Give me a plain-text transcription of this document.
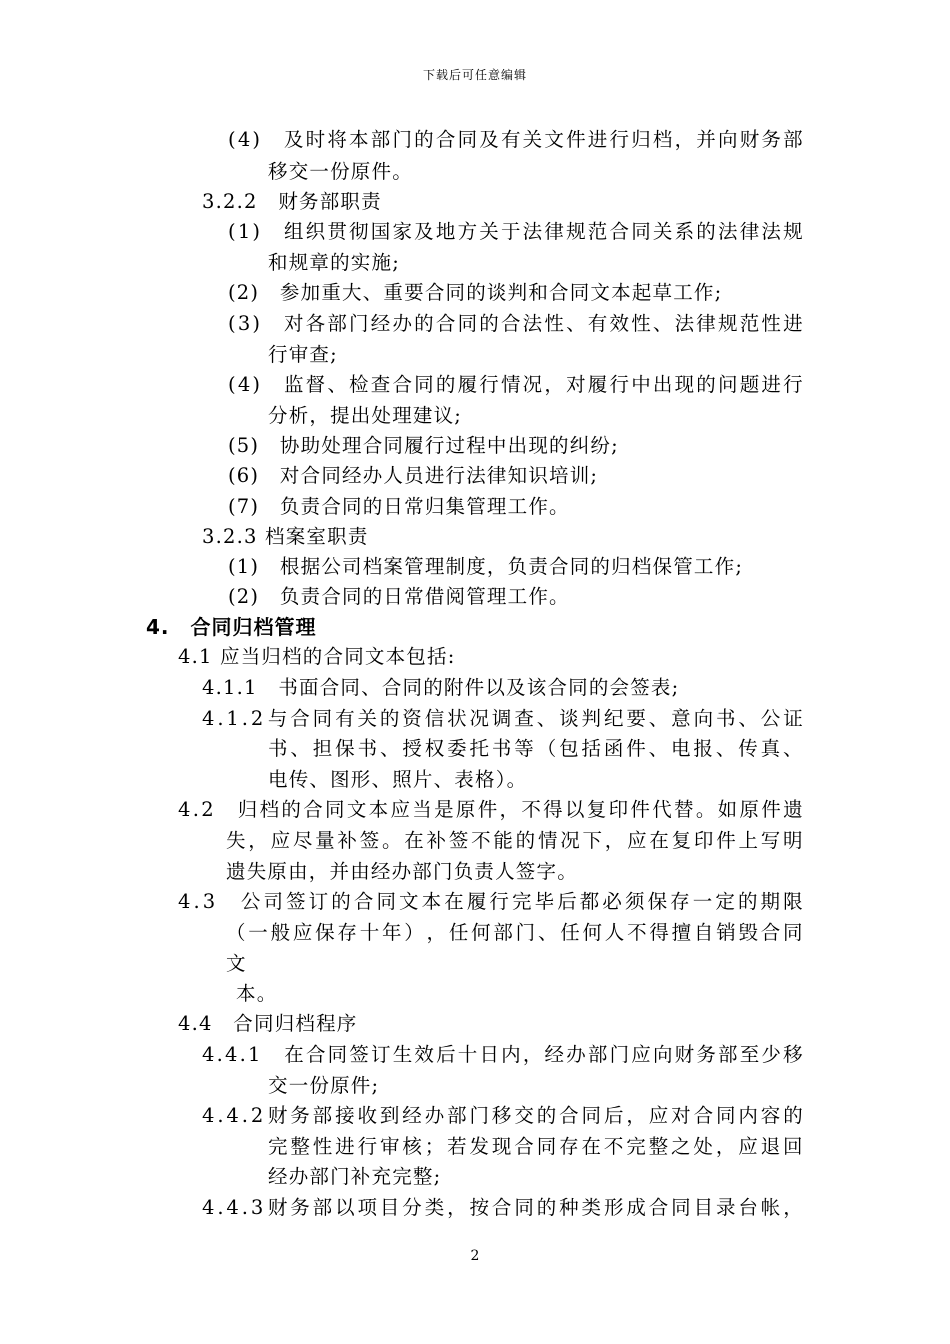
下载后可任意编辑
( 4 )
　 及 时 将 本 部 门 的 合 同 及 有 关 文 件 进 行 归 档 ， 并 向 财 务 部
移交一份原件。
3.2.2　财务部职责
( 1 )
　 组 织 贯 彻 国 家 及 地 方 关 于 法 律 规 范 合 同 关 系 的 法 律 法 规
和规章的实施;
(2)　参加重大、重要合同的谈判和合同文本起草工作;
( 3 )
　 对 各 部 门 经 办 的 合 同 的 合 法 性 、 有 效 性 、 法 律 规 范 性 进
行审查;
( 4 )
　 监 督 、 检 查 合 同 的 履 行 情 况 ， 对 履 行 中 出 现 的 问 题 进 行
分析，提出处理建议;
(5)　协助处理合同履行过程中出现的纠纷;
(6)　对合同经办人员进行法律知识培训;
(7)　负责合同的日常归集管理工作。
3.2.3 档案室职责
(1)　根据公司档案管理制度，负责合同的归档保管工作;
(2)　负责合同的日常借阅管理工作。
4.　合同归档管理
4.1 应当归档的合同文本包括:
4.1.1　书面合同、合同的附件以及该合同的会签表;
4 . 1 . 2 与 合 同 有 关 的 资 信 状 况 调 查 、 谈 判 纪 要 、 意 向 书 、 公 证
书 、 担 保 书 、 授 权 委 托 书 等 （ 包 括 函 件 、 电 报 、 传 真 、
电传、图形、照片、表格）。
4 . 2
　 归 档 的 合 同 文 本 应 当 是 原 件 ， 不 得 以 复 印 件 代 替 。 如 原 件 遗
失 ， 应 尽 量 补 签 。 在 补 签 不 能 的 情 况 下 ， 应 在 复 印 件 上 写 明
遗失原由，并由经办部门负责人签字。
4 . 3
　 公 司 签 订 的 合 同 文 本 在 履 行 完 毕 后 都 必 须 保 存 一 定 的 期 限
（ 一 般 应 保 存 十 年 ） ， 任 何 部 门 、 任 何 人 不 得 擅 自 销 毁 合 同
文
本。
4.4　合同归档程序
4 . 4 . 1
　 在 合 同 签 订 生 效 后 十 日 内 ， 经 办 部 门 应 向 财 务 部 至 少 移
交一份原件;
4 . 4 . 2 财 务 部 接 收 到 经 办 部 门 移 交 的 合 同 后 ， 应 对 合 同 内 容 的
完 整 性 进 行 审 核 ； 若 发 现 合 同 存 在 不 完 整 之 处 ， 应 退 回
经办部门补充完整;
4 . 4 . 3 财 务 部 以 项 目 分 类 ， 按 合 同 的 种 类 形 成 合 同 目 录 台 帐 ，
2
